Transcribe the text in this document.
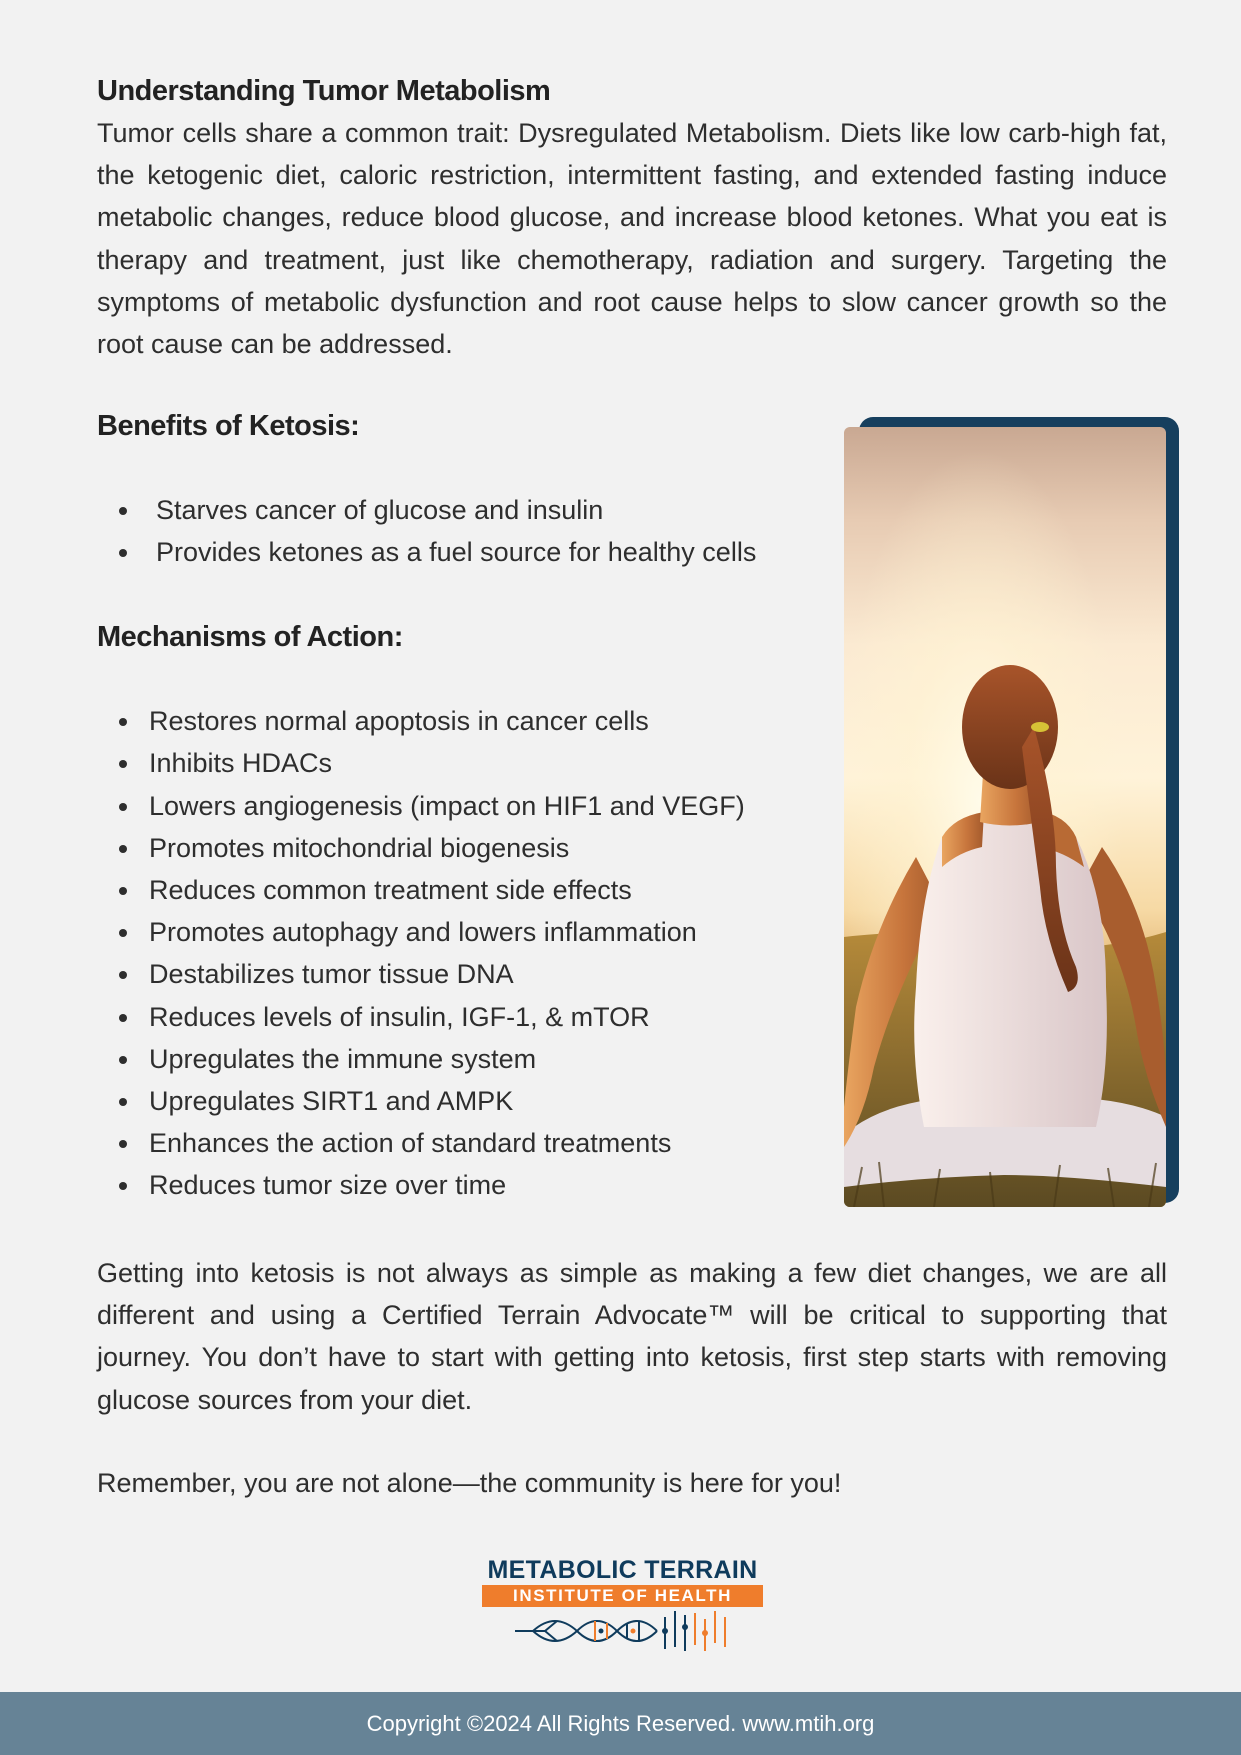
Understanding Tumor Metabolism

Tumor cells share a common trait: Dysregulated Metabolism. Diets like low carb-high fat, the ketogenic diet, caloric restriction, intermittent fasting, and extended fasting induce metabolic changes, reduce blood glucose, and increase blood ketones. What you eat is therapy and treatment, just like chemotherapy, radiation and surgery. Targeting the symptoms of metabolic dysfunction and root cause helps to slow cancer growth so the root cause can be addressed.

Benefits of Ketosis:
Starves cancer of glucose and insulin
Provides ketones as a fuel source for healthy cells
Mechanisms of Action:
Restores normal apoptosis in cancer cells
Inhibits HDACs
Lowers angiogenesis (impact on HIF1 and VEGF)
Promotes mitochondrial biogenesis
Reduces common treatment side effects
Promotes autophagy and lowers inflammation
Destabilizes tumor tissue DNA
Reduces levels of insulin, IGF-1, & mTOR
Upregulates the immune system
Upregulates SIRT1 and AMPK
Enhances the action of standard treatments
Reduces tumor size over time

Getting into ketosis is not always as simple as making a few diet changes, we are all different and using a Certified Terrain Advocate™ will be critical to supporting that journey. You don’t have to start with getting into ketosis, first step starts with removing glucose sources from your diet.

Remember, you are not alone—the community is here for you!
METABOLIC TERRAIN
INSTITUTE OF HEALTH
Copyright ©2024 All Rights Reserved. www.mtih.org
